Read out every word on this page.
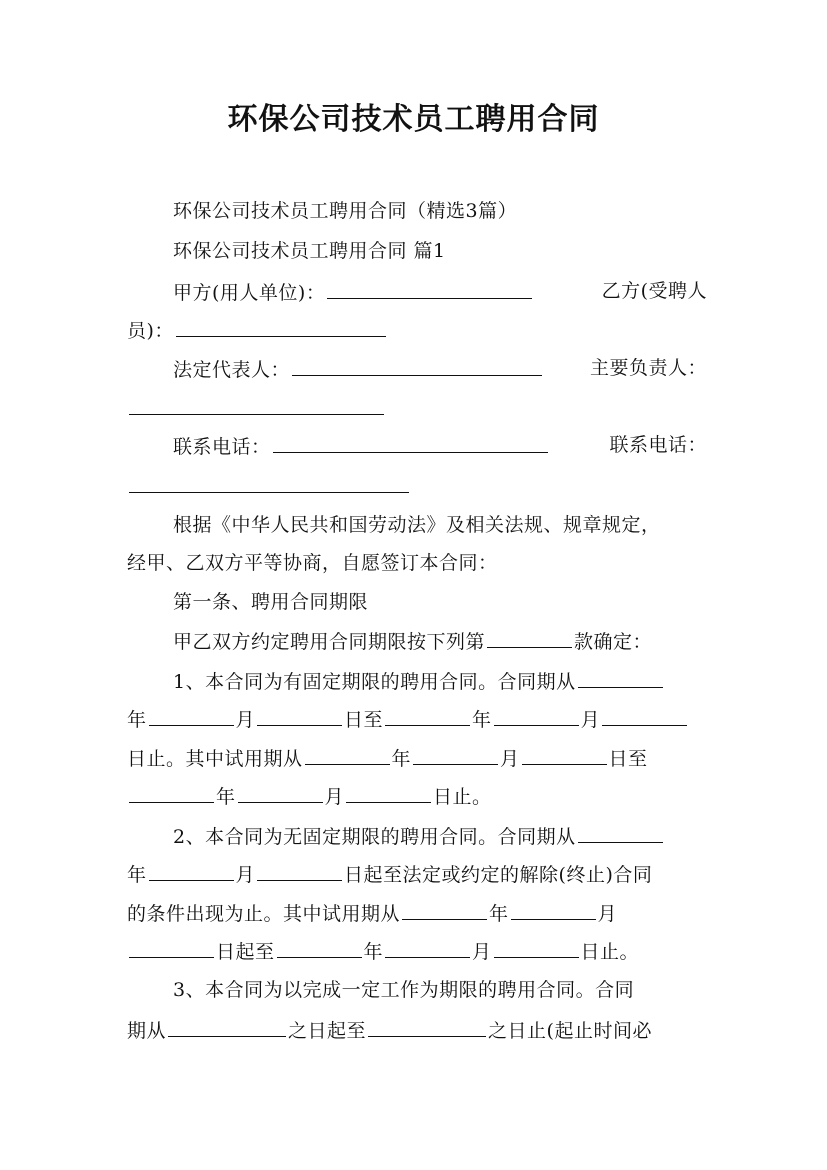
环保公司技术员工聘用合同
环保公司技术员工聘用合同（精选3篇）
环保公司技术员工聘用合同 篇1
甲方(用人单位)：	乙方(受聘人
员)：
法定代表人：	主要负责人：
联系电话：	联系电话：
根据《中华人民共和国劳动法》及相关法规、规章规定，
经甲、乙双方平等协商，自愿签订本合同：
第一条、聘用合同期限
甲乙双方约定聘用合同期限按下列第	款确定：
1、本合同为有固定期限的聘用合同。合同期从
年	月	日至	年	月
日止。其中试用期从	年	月	日至
年	月	日止。
2、本合同为无固定期限的聘用合同。合同期从
年	月	日起至法定或约定的解除(终止)合同
的条件出现为止。其中试用期从	年	月
日起至	年	月	日止。
3、本合同为以完成一定工作为期限的聘用合同。合同
期从	之日起至	之日止(起止时间必
